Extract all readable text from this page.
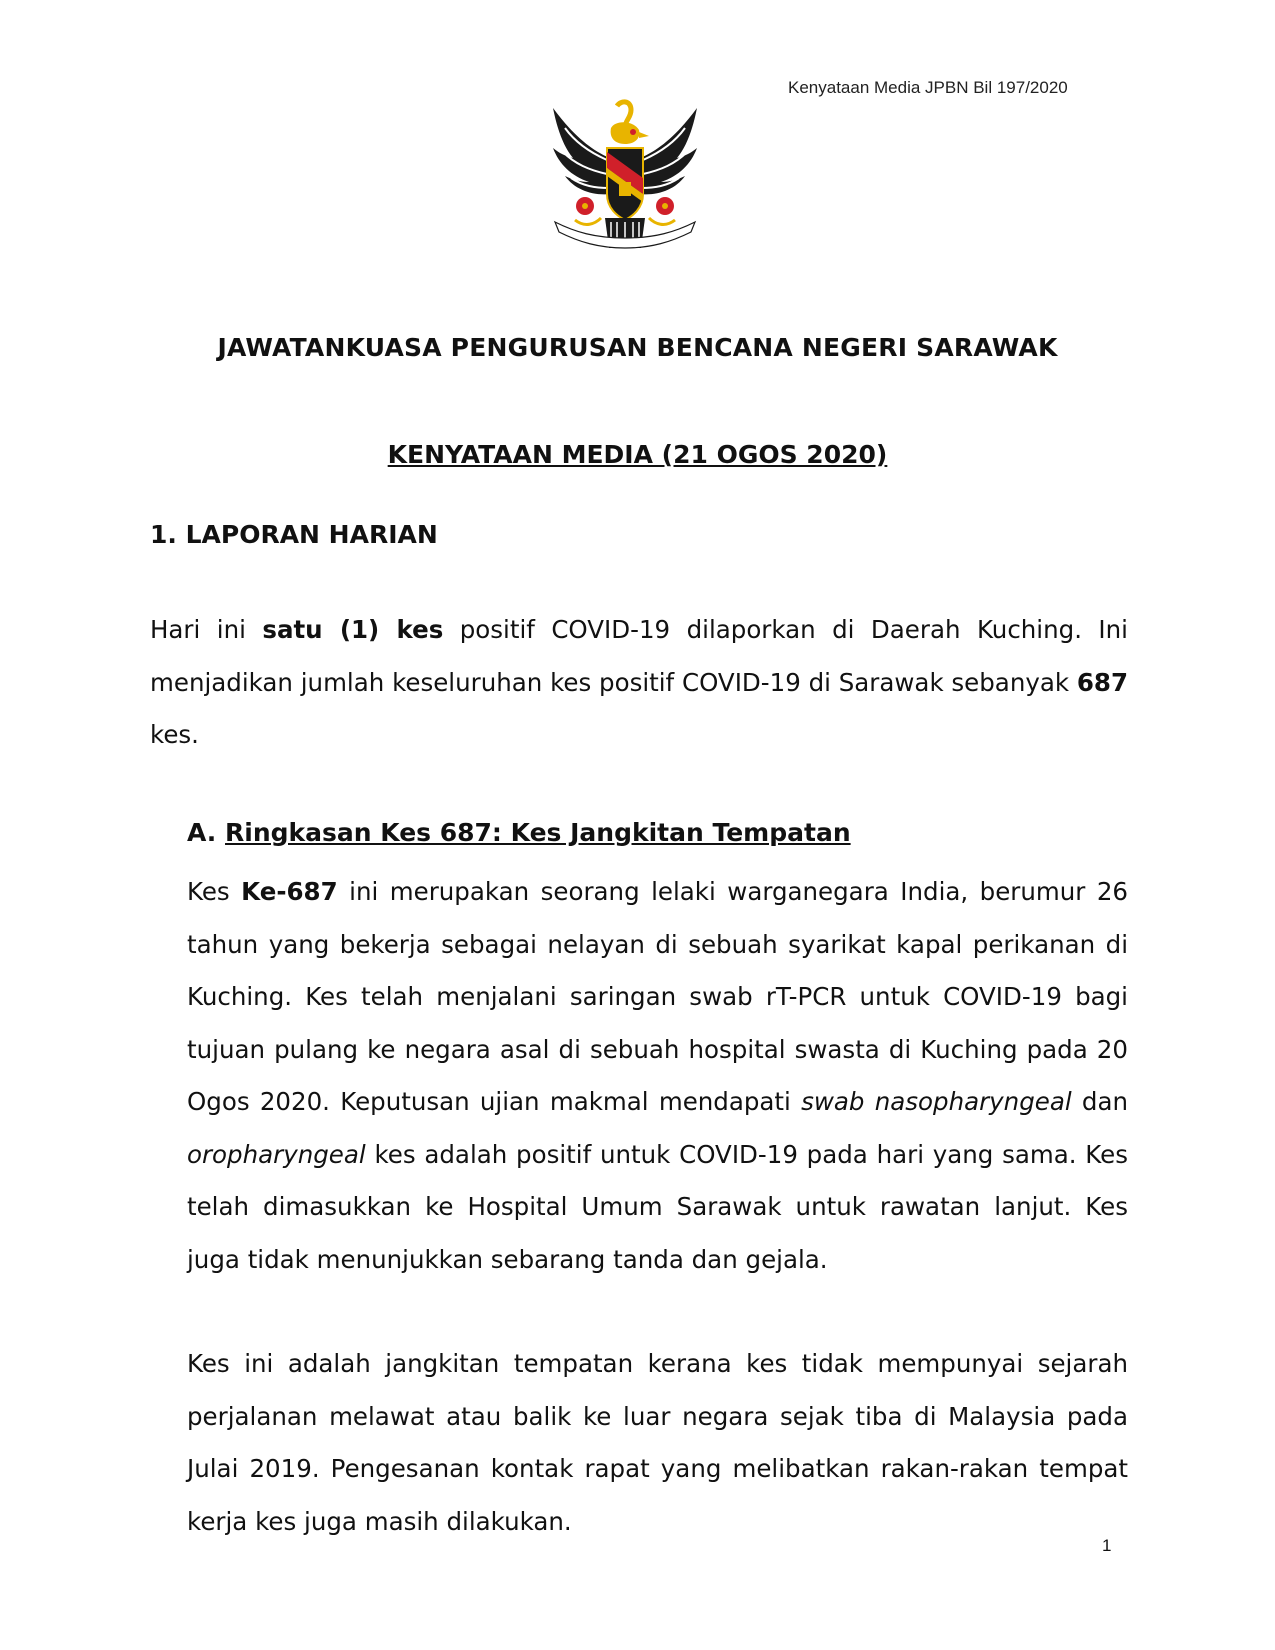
Kenyataan Media JPBN Bil 197/2020
JAWATANKUASA PENGURUSAN BENCANA NEGERI SARAWAK
KENYATAAN MEDIA (21 OGOS 2020)
1. LAPORAN HARIAN

Hari ini satu (1) kes positif COVID-19 dilaporkan di Daerah Kuching. Ini menjadikan jumlah keseluruhan kes positif COVID-19 di Sarawak sebanyak 687 kes.

A. Ringkasan Kes 687: Kes Jangkitan Tempatan

Kes Ke-687 ini merupakan seorang lelaki warganegara India, berumur 26 tahun yang bekerja sebagai nelayan di sebuah syarikat kapal perikanan di Kuching. Kes telah menjalani saringan swab rT-PCR untuk COVID-19 bagi tujuan pulang ke negara asal di sebuah hospital swasta di Kuching pada 20 Ogos 2020. Keputusan ujian makmal mendapati swab nasopharyngeal dan oropharyngeal kes adalah positif untuk COVID-19 pada hari yang sama. Kes telah dimasukkan ke Hospital Umum Sarawak untuk rawatan lanjut. Kes juga tidak menunjukkan sebarang tanda dan gejala.

Kes ini adalah jangkitan tempatan kerana kes tidak mempunyai sejarah perjalanan melawat atau balik ke luar negara sejak tiba di Malaysia pada Julai 2019. Pengesanan kontak rapat yang melibatkan rakan-rakan tempat kerja kes juga masih dilakukan.

1
